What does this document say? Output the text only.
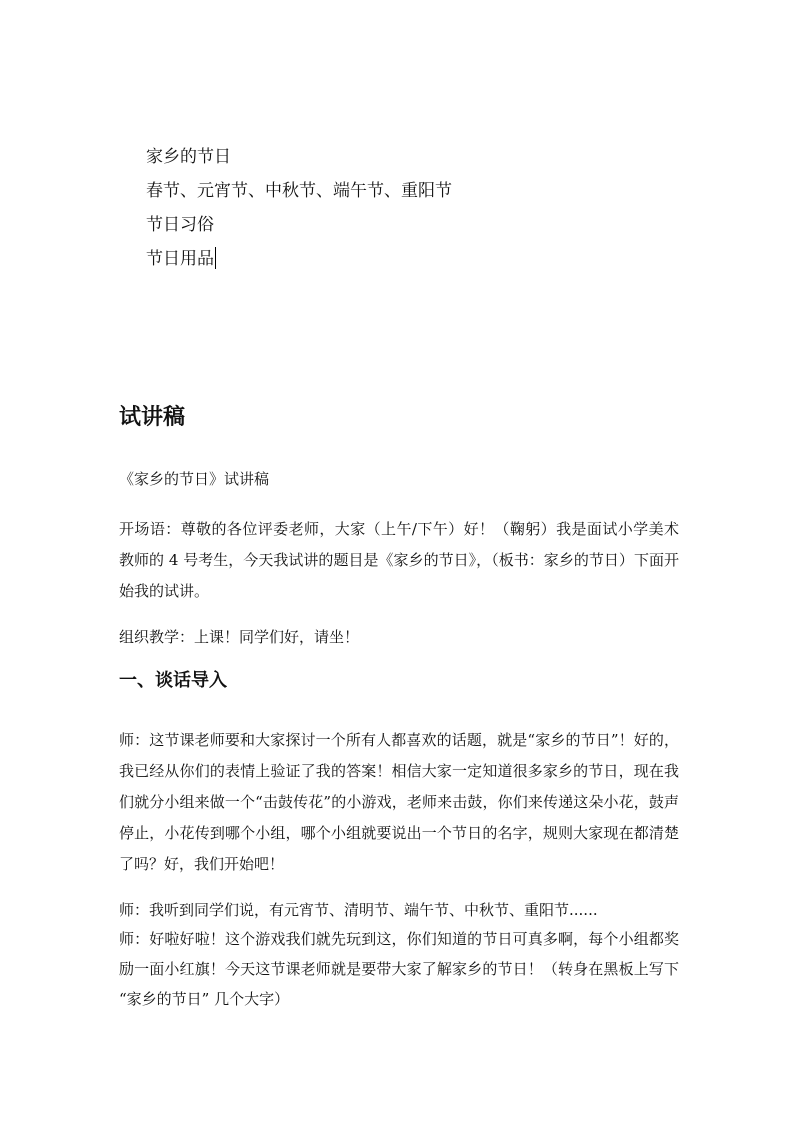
家乡的节日
春节、元宵节、中秋节、端午节、重阳节
节日习俗
节日用品
试讲稿

《家乡的节日》试讲稿

开场语：尊敬的各位评委老师，大家（上午/下午）好！（鞠躬）我是面试小学美术教师的 4 号考生，今天我试讲的题目是《家乡的节日》，（板书：家乡的节日）下面开始我的试讲。

组织教学：上课！同学们好，请坐！

一、谈话导入

师：这节课老师要和大家探讨一个所有人都喜欢的话题，就是“家乡的节日”！好的，我已经从你们的表情上验证了我的答案！相信大家一定知道很多家乡的节日，现在我们就分小组来做一个“击鼓传花”的小游戏，老师来击鼓，你们来传递这朵小花，鼓声停止，小花传到哪个小组，哪个小组就要说出一个节日的名字，规则大家现在都清楚了吗？好，我们开始吧！

师：我听到同学们说，有元宵节、清明节、端午节、中秋节、重阳节......

师：好啦好啦！这个游戏我们就先玩到这，你们知道的节日可真多啊，每个小组都奖励一面小红旗！今天这节课老师就是要带大家了解家乡的节日！（转身在黑板上写下 “家乡的节日” 几个大字）
